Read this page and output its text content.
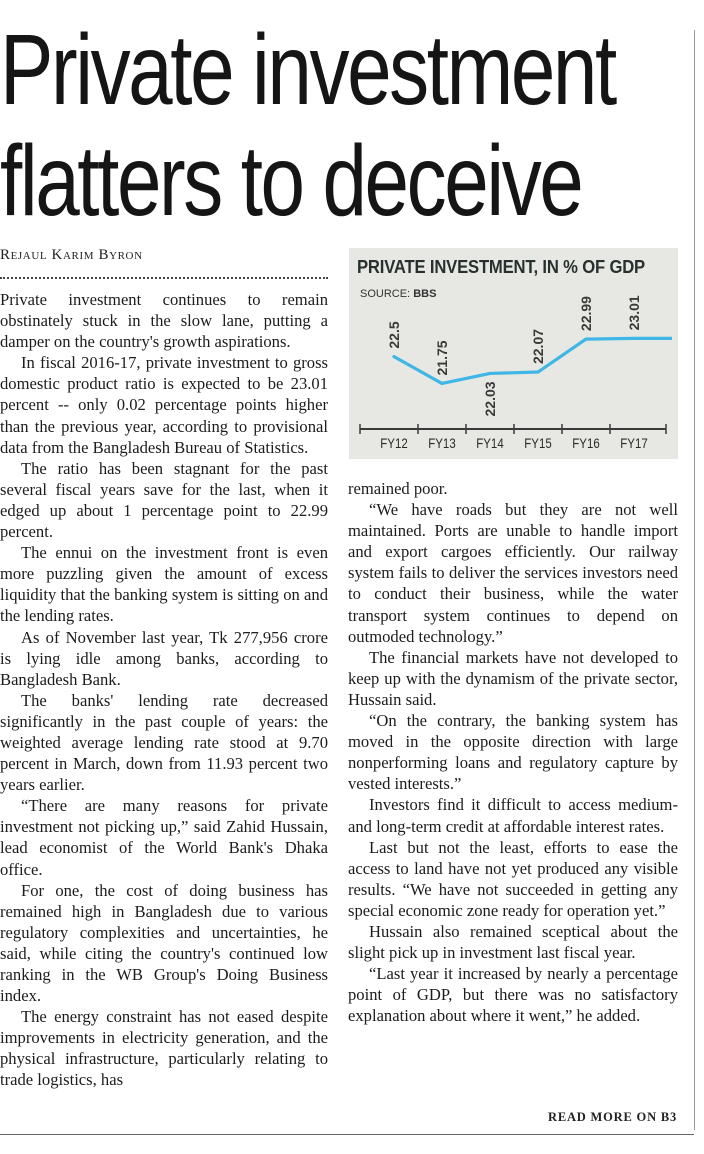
Private investment
flatters to deceive
Rejaul Karim Byron

Private investment continues to remain obstinately stuck in the slow lane, putting a damper on the country's growth aspirations.

In fiscal 2016-17, private investment to gross domestic product ratio is expected to be 23.01 percent -- only 0.02 percentage points higher than the previous year, according to provisional data from the Bangladesh Bureau of Statistics.

The ratio has been stagnant for the past several fiscal years save for the last, when it edged up about 1 percentage point to 22.99 percent.

The ennui on the investment front is even more puzzling given the amount of excess liquidity that the banking system is sitting on and the lending rates.

As of November last year, Tk 277,956 crore is lying idle among banks, according to Bangladesh Bank.

The banks' lending rate decreased significantly in the past couple of years: the weighted average lending rate stood at 9.70 percent in March, down from 11.93 percent two years earlier.

“There are many reasons for private investment not picking up,” said Zahid Hussain, lead economist of the World Bank's Dhaka office.

For one, the cost of doing business has remained high in Bangladesh due to various regulatory complexities and uncertainties, he said, while citing the country's continued low ranking in the WB Group's Doing Business index.

The energy constraint has not eased despite improvements in electricity generation, and the physical infrastructure, particularly relating to trade logistics, has

PRIVATE INVESTMENT, IN % OF GDP
SOURCE: BBS
FY12 FY13 FY14 FY15 FY16 FY17
22.5
21.75
22.03
22.07
22.99 23.01

remained poor.

“We have roads but they are not well maintained. Ports are unable to handle import and export cargoes efficiently. Our railway system fails to deliver the services investors need to conduct their business, while the water transport system continues to depend on outmoded technology.”

The financial markets have not developed to keep up with the dynamism of the private sector, Hussain said.

“On the contrary, the banking system has moved in the opposite direction with large nonperforming loans and regulatory capture by vested interests.”

Investors find it difficult to access medium- and long-term credit at affordable interest rates.

Last but not the least, efforts to ease the access to land have not yet produced any visible results. “We have not succeeded in getting any special economic zone ready for operation yet.”

Hussain also remained sceptical about the slight pick up in investment last fiscal year.

“Last year it increased by nearly a percentage point of GDP, but there was no satisfactory explanation about where it went,” he added.

READ MORE ON B3
